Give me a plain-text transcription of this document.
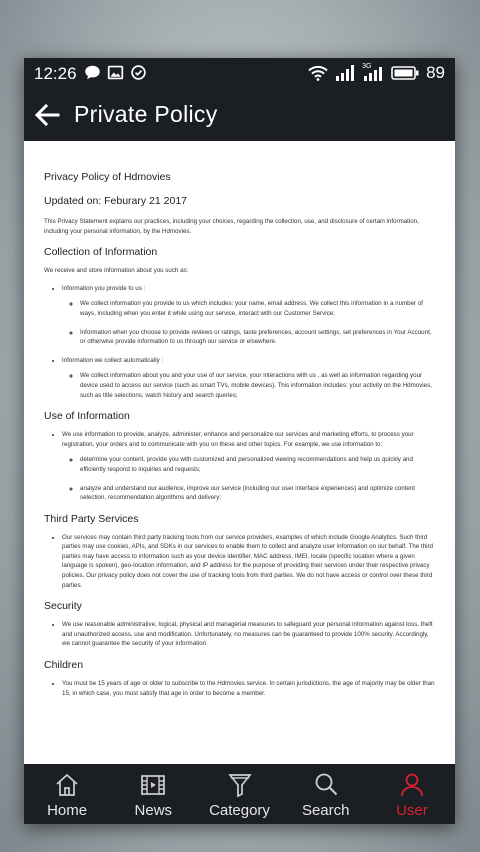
12:26	3G	89
Private Policy

Privacy Policy of Hdmovies

Updated on: Feburary 21 2017

This Privacy Statement explains our practices, including your choices, regarding the collection, use, and disclosure of certain information, including your personal information, by the Hdmovies.

Collection of Information

We receive and store information about you such as:

• Information you provide to us :
◦ We collect information you provide to us which includes: your name, email address. We collect this information in a number of ways, including when you enter it while using our service, interact with our Customer Service;
◦ Information when you choose to provide reviews or ratings, taste preferences, account settings, set preferences in Your Account, or otherwise provide information to us through our service or elsewhere.
• Information we collect automatically :
◦ We collect information about you and your use of our service, your interactions with us , as well as information regarding your device used to access our service (such as smart TVs, mobile devices). This information includes: your activity on the Hdmovies, such as title selections, watch history and search queries;

Use of Information

• We use information to provide, analyze, administer, enhance and personalize our services and marketing efforts, to process your registration, your orders and to communicate with you on these and other topics. For example, we use information to:
◦ determine your content, provide you with customized and personalized viewing recommendations and help us quickly and efficiently respond to inquiries and requests;
◦ analyze and understand our audience, improve our service (including our user interface experiences) and optimize content selection, recommendation algorithms and delivery;

Third Party Services

• Our services may contain third party tracking tools from our service providers, examples of which include Google Analytics. Such third parties may use cookies, APIs, and SDKs in our services to enable them to collect and analyze user information on our behalf. The third parties may have access to information such as your device identifier, MAC address, IMEI, locale (specific location where a given language is spoken), geo-location information, and IP address for the purpose of providing their services under their respective privacy policies. Our privacy policy does not cover the use of tracking tools from third parties. We do not have access or control over these third parties.

Security

• We use reasonable administrative, logical, physical and managerial measures to safeguard your personal information against loss, theft and unauthorized access, use and modification. Unfortunately, no measures can be guaranteed to provide 100% security. Accordingly, we cannot guarantee the security of your information

Children

• You must be 15 years of age or older to subscribe to the Hdmovies service. In certain jurisdictions, the age of majority may be older than 15, in which case, you must satisfy that age in order to become a member.
Home	News Category Search	User
